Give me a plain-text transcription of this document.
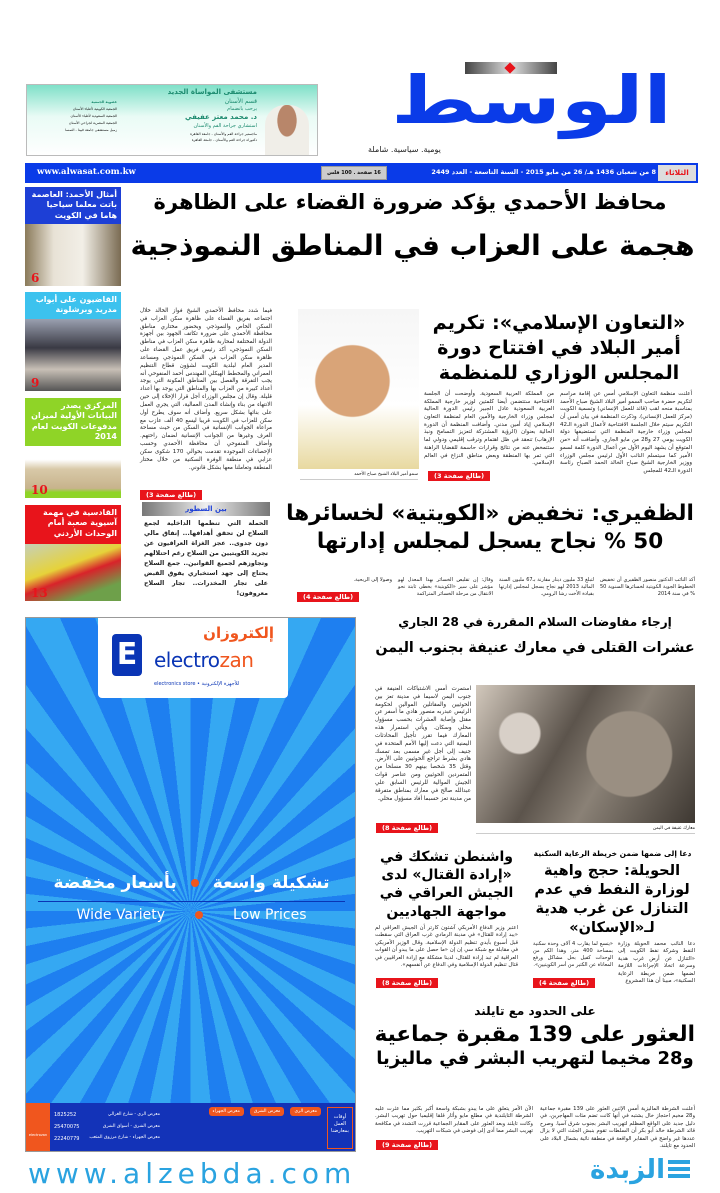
مستشفى المواساة الجديد
قسم الأسنان
يرحب بانضمام
د. محمد معتز عفيفي
استشاري جراحة الفم والأسنان
ماجستير جراحة الفم والأسنان - جامعة القاهرة
دكتوراه جراحة الفم والأسنان - جامعة القاهرة
عضوية الجمعية
الجمعية الكويتية لأطباء الأسنان
الجمعية السعودية لأطباء الأسنان
الجمعية المصرية لجراحي الأسنان
زميل مستشفى جامعة فيينا - النمسا	الوسط
يومية. سياسية. شاملة
www.alwasat.com.kw	16 صفحة . 100 فلس	8 من شعبان 1436 هـ/ 26 من مايو 2015 - السنة التاسعة - العدد 2449	الثلاثاء
أمثال الأحمد: العاصمة باتت معلما سياحيا هاما في الكويت
6
القاضيون على أبواب مدريد وبرشلونة
9
المركزي يصدر البيانات الأولية لميزان مدفوعات الكويت لعام 2014
10
القادسية في مهمة آسيوية صعبة أمام الوحدات الأردني
13
محافظ الأحمدي يؤكد ضرورة القضاء على الظاهرة
هجمة على العزاب في المناطق النموذجية

فيما شدد محافظ الأحمدي الشيخ فواز الخالد خلال اجتماعه بفريق القضاء على ظاهرة سكن العزاب في السكن الخاص والنموذجي وبحضور مختاري مناطق محافظة الأحمدي على ضرورة تكاتف الجهود بين أجهزة الدولة المختلفة لمحاربة ظاهرة سكن العزاب في مناطق السكن النموذجي، أكد رئيس فريق عمل القضاء على ظاهرة سكن العزاب في السكن النموذجي ومساعد المدير العام لبلدية الكويت لشؤون قطاع التنظيم العمراني والمخطط الهيكلي المهندس أحمد المنفوحي أنه يجب التفرقة والفصل بين المناطق المكونة التي يوجد أعداد كبيرة من العزاب بها والمناطق التي يوجد بها أعداد قليلة. وقال إن مجلس الوزراء أجل قرار الإخلاء إلى حين الانتهاء من بناء وإنشاء المدن العمالية، التي يجري العمل على بنائها بشكل سريع. وأضاف أنه سوف يطرح أول سكن للعزاب في الكويت قريبا ليسع 40 ألف عازب مع مراعاة الجوانب الإنسانية في السكن من حيث مساحة الغرف وغيرها من الجوانب الإنسانية لضمان راحتهم. وأضاف المنفوحي أن محافظة الأحمدي وحسب الإحصاءات الموجودة تقدمت بحوالي 170 شكوى سكن عزابي في منطقة الوفرة السكنية من خلال مختار المنطقة وتعاملنا معها بشكل قانوني.

(طالع صفحة 3)
بين السطور

الحملة التي تنظمها الداخلية لجمع السلاح لن تحقق أهدافها... إنفاق مالي دون جدوى.. عجز الغزاة العراقيون عن تجريد الكويتيين من السلاح رغم احتلالهم وتجاوزهم لجميع القوانين.. جمع السلاح يحتاج إلى جهد استخباري يفوق القبض على تجار المخدرات.. تجار السلاح معروفون!

سمو أمير البلاد الشيخ صباح الأحمد
«التعاون الإسلامي»: تكريم أمير البلاد في افتتاح دورة المجلس الوزاري للمنظمة

أعلنت منظمة التعاون الإسلامي أمس عن إقامة مراسم لتكريم حضرة صاحب السمو أمير البلاد الشيخ صباح الأحمد بمناسبة منحه لقب (قائد للعمل الإنساني) وتسمية الكويت (مركز للعمل الإنساني). وذكرت المنظمة في بيان أمس أن التكريم سيتم خلال الجلسة الافتتاحية لأعمال الدورة الـ42 لمجلس وزراء خارجية المنظمة التي تستضيفها دولة الكويت يومي 27 و28 من مايو الجاري. وأضافت أنه «من المتوقع أن يشهد اليوم الأول من أعمال الدورة كلمة لسمو الأمير كما سيتسلم النائب الأول لرئيس مجلس الوزراء ووزير الخارجية الشيخ صباح الخالد الحمد الصباح رئاسة الدورة الـ42 للمجلس

من المملكة العربية السعودية. وأوضحت أن الجلسة الافتتاحية ستتضمن أيضا كلمتين لوزير خارجية المملكة العربية السعودية عادل الجبير رئيس الدورة الحالية لمجلس وزراء الخارجية والأمين العام لمنظمة التعاون الإسلامي إياد أمين مدني. وأضافت المنظمة أن الدورة الحالية بعنوان (الرؤية المشتركة لتعزيز التسامح ونبذ الإرهاب) تنعقد في ظل اهتمام وترقب إقليمي ودولي لما ستتمخض عنه من نتائج وقرارات حاسمة للقضايا الراهنة التي تمر بها المنطقة وبعض مناطق النزاع في العالم الإسلامي.

(طالع صفحة 3)
الظفيري: تخفيض «الكويتية» لخسائرها 50 % نجاح يسجل لمجلس إدارتها

أكد النائب الدكتور منصور الظفيري أن تخفيض الخطوط الجوية الكويتية لخسائرها السنوية 50 % في سنة 2014

لتبلغ 33 مليون دينار مقارنة بـ67 مليون السنة المالية 2013 لهو نجاح يسجل لمجلس إدارتها بقيادة الأخت رشا الرومي.

وقال: إن تقليص الخسائر بهذا المعدل لهو مؤشر على سير «الكويتية» بخطى ثابتة نحو الانتقال من مرحلة الخسائر المتراكمة

وصولا إلى الربحية.

(طالع صفحة 4)
E
إلكتروزان
electrozan
electronics store • للأجهزة الإلكترونية
تشكيلة واسعة
بأسعار مخفضة
Low Prices
Wide Variety
electrozan
1825252
25470075
22240779
معرض الري - شارع الغزالي
معرض الشرق - أسواق الشرق
معرض الجهراء - شارع مرزوق المتعب
معرض الري
معرض الشرق
معرض الجهراء
أوقات العمل بمعارضنا
إرجاء مفاوضات السلام المقررة في 28 الجاري
عشرات القتلى في معارك عنيفة بجنوب اليمن

استمرت أمس الاشتباكات العنيفة في جنوب اليمن لاسيما في مدينة تعز بين الحوثيين والمقاتلين الموالين لحكومة الرئيس عبدربه منصور هادي ما أسفر عن مقتل وإصابة العشرات بحسب مسؤول محلي وسكان. ويأتي استمرار هذه المعارك فيما تقرر تأجيل المحادثات اليمنية التي دعت إليها الأمم المتحدة في جنيف إلى أجل غير مسمى بعد تمسك هادي بشرط تراجع الحوثيين على الأرض. وقتل 35 شخصا بينهم 30 مسلحا من المتمردين الحوثيين ومن عناصر قوات الجيش الموالية للرئيس السابق علي عبدالله صالح في معارك بمناطق متفرقة من مدينة تعز حسبما أفاد مسؤول محلي.

(طالع صفحة 8)	معارك عنيفة في اليمن
دعا إلى ضمها ضمن خريطة الرعاية السكنية
الحويلة: حجج واهية لوزارة النفط في عدم التنازل عن غرب هدية لـ«الإسكان»

دعا النائب محمد الحويلة وزارة النفط وشركة نفط الكويت إلى «التنازل عن أرض غرب هدية وسرعة اتخاذ الإجراءات اللازمة لضمها ضمن خريطة الرعاية السكنية»، مبينا أن هذا المشروع

«يتسع لما يقارب 4 آلاف وحدة سكنية بمساحة 400 متر، وهذا الكم من الوحدات كفيل بحل مشاكل ورفع المعاناة عن الكثير من أسر الكويتيين».

(طالع صفحة 4)
واشنطن تشكك في «إرادة القتال» لدى الجيش العراقي في مواجهة الجهاديين

اعتبر وزير الدفاع الأمريكي آشتون كارتر أن الجيش العراقي لم «يبد إرادة للقتال» في مدينة الرمادي غرب العراق التي سقطت قبل أسبوع بأيدي تنظيم الدولة الإسلامية. وقال الوزير الأمريكي في مقابلة مع شبكة سي إن إن «ما حصل على ما يبدو أن القوات العراقية لم تبد إرادة للقتال، لدينا مشكلة مع إرادة العراقيين في قتال تنظيم الدولة الإسلامية وفي الدفاع عن أنفسهم».

(طالع صفحة 8)
على الحدود مع تايلند
العثور على 139 مقبرة جماعية
و28 مخيما لتهريب البشر في ماليزيا

أعلنت الشرطة الماليزية أمس الإثنين العثور على 139 مقبرة جماعية و28 مخيم احتجاز خال يشتبه في أنها كانت تضم مئات المهاجرين، في دليل جديد على الواقع المظلم لتهريب البشر بجنوب شرق آسيا. وصرح قائد الشرطة خالد أبو بكر أن السلطات تقوم بنبش الجثث التي لا يزال عددها غير واضح في المقابر الواقعة في منطقة نائية بشمال البلاد على الحدود مع تايلند.

الآن الأمر يتعلق على ما يبدو بشبكة واسعة أكبر بكثير مما عثرت عليه الشرطة التايلندية في مطلع مايو وأثار قلقا إقليميا حول تهريب البشر. وكانت تايلند وبعد العثور على المقابر الجماعية قررت التشدد في مكافحة تهريب البشر مما أدى إلى فوضى في شبكات التهريب.

(طالع صفحة 9)
www.alzebda.com	الزبدة
